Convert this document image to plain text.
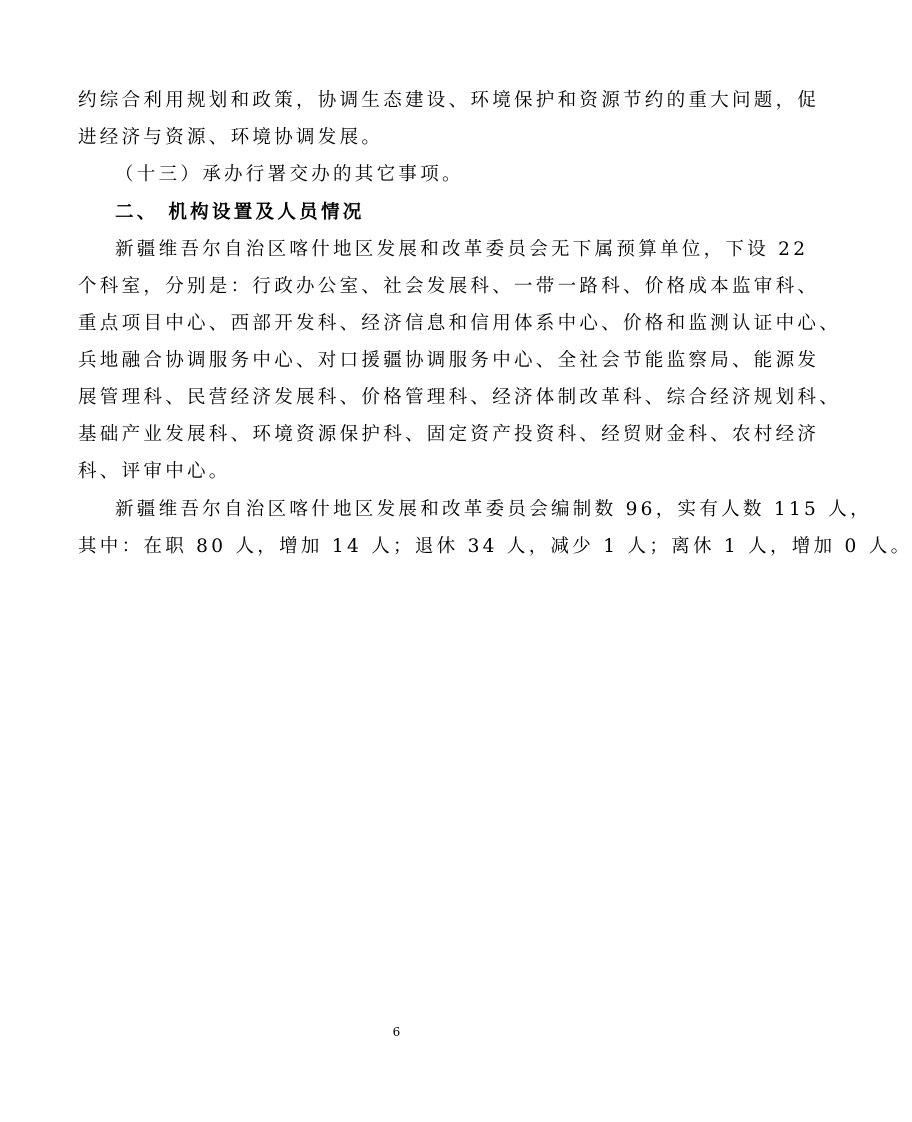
约综合利用规划和政策，协调生态建设、环境保护和资源节约的重大问题，促

进经济与资源、环境协调发展。

（十三）承办行署交办的其它事项。

二、 机构设置及人员情况

新疆维吾尔自治区喀什地区发展和改革委员会无下属预算单位，下设 22

个科室，分别是：行政办公室、社会发展科、一带一路科、价格成本监审科、

重点项目中心、西部开发科、经济信息和信用体系中心、价格和监测认证中心、

兵地融合协调服务中心、对口援疆协调服务中心、全社会节能监察局、能源发

展管理科、民营经济发展科、价格管理科、经济体制改革科、综合经济规划科、

基础产业发展科、环境资源保护科、固定资产投资科、经贸财金科、农村经济

科、评审中心。

新疆维吾尔自治区喀什地区发展和改革委员会编制数 96，实有人数 115 人，

其中：在职 80 人，增加 14 人；退休 34 人，减少 1 人；离休 1 人，增加 0 人。

6
